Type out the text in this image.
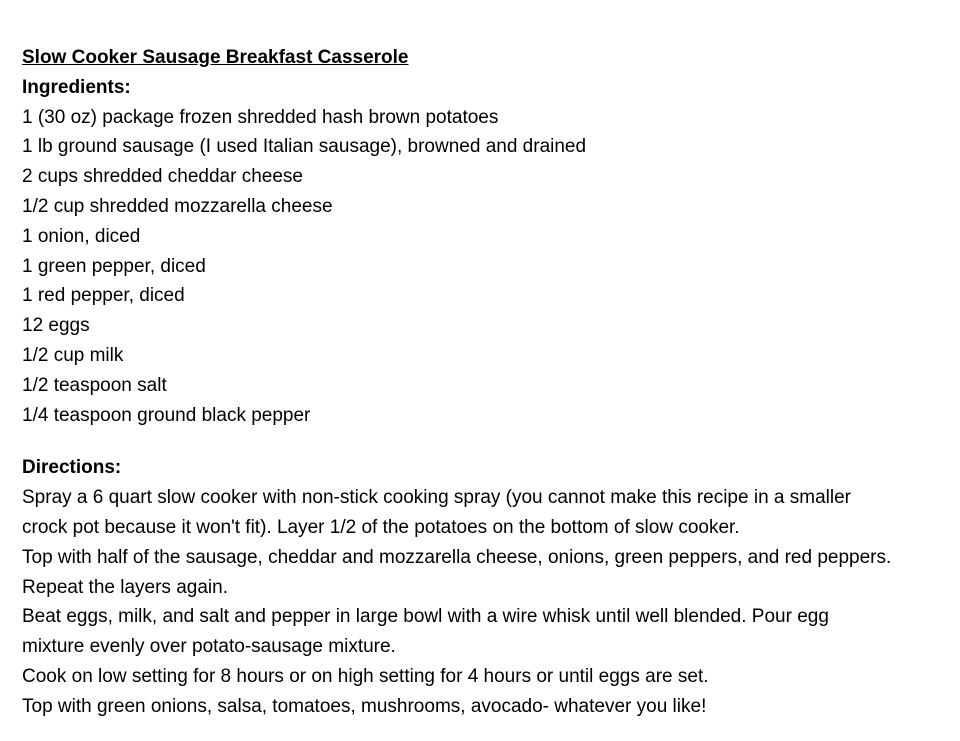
Slow Cooker Sausage Breakfast Casserole
Ingredients:
1 (30 oz) package frozen shredded hash brown potatoes
1 lb ground sausage (I used Italian sausage), browned and drained
2 cups shredded cheddar cheese
1/2 cup shredded mozzarella cheese
1 onion, diced
1 green pepper, diced
1 red pepper, diced
12 eggs
1/2 cup milk
1/2 teaspoon salt
1/4 teaspoon ground black pepper
Directions:
Spray a 6 quart slow cooker with non-stick cooking spray (you cannot make this recipe in a smaller
crock pot because it won't fit). Layer 1/2 of the potatoes on the bottom of slow cooker.
Top with half of the sausage, cheddar and mozzarella cheese, onions, green peppers, and red peppers.
Repeat the layers again.
Beat eggs, milk, and salt and pepper in large bowl with a wire whisk until well blended. Pour egg
mixture evenly over potato-sausage mixture.
Cook on low setting for 8 hours or on high setting for 4 hours or until eggs are set.
Top with green onions, salsa, tomatoes, mushrooms, avocado- whatever you like!
